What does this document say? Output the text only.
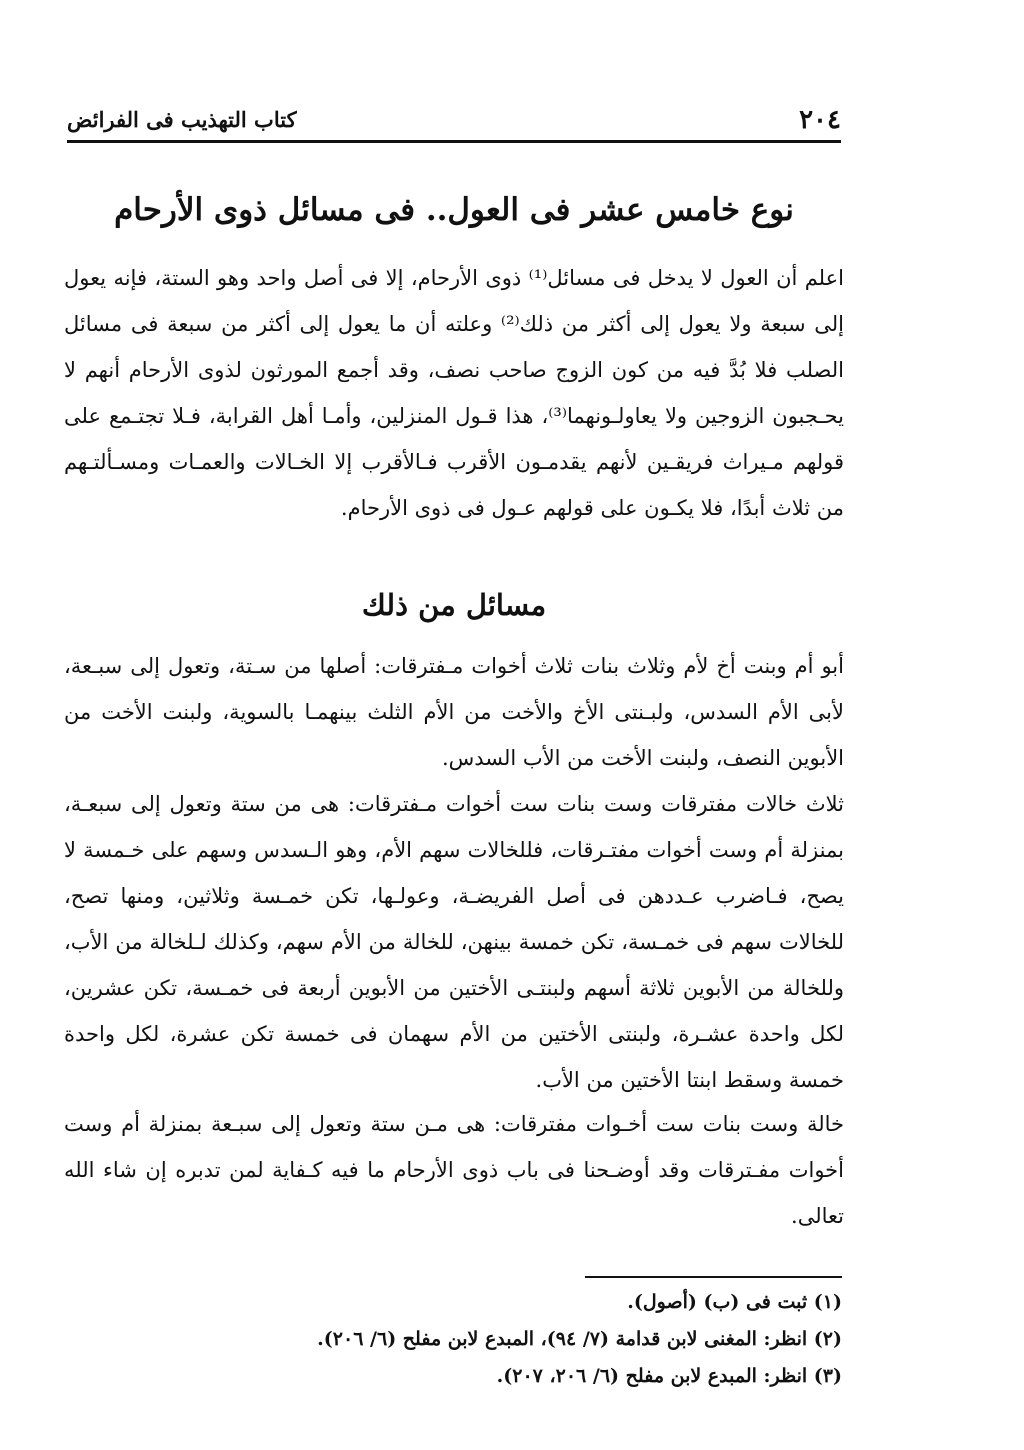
٢٠٤
كتاب التهذيب فى الفرائض
نوع خامس عشر فى العول.. فى مسائل ذوى الأرحام

اعلم أن العول لا يدخل فى مسائل⁽¹⁾ ذوى الأرحام، إلا فى أصل واحد وهو الستة، فإنه يعول إلى سبعة ولا يعول إلى أكثر من ذلك⁽²⁾ وعلته أن ما يعول إلى أكثر من سبعة فى مسائل الصلب فلا بُدَّ فيه من كون الزوج صاحب نصف، وقد أجمع المورثون لذوى الأرحام أنهم لا يحـجبون الزوجين ولا يعاولـونهما⁽³⁾، هذا قـول المنزلين، وأمـا أهل القرابة، فـلا تجتـمع على قولهم مـيراث فريقـين لأنهم يقدمـون الأقرب فـالأقرب إلا الخـالات والعمـات ومسـألتـهم من ثلاث أبدًا، فلا يكـون على قولهم عـول فى ذوى الأرحام.

مسائل من ذلك

أبو أم وبنت أخ لأم وثلاث بنات ثلاث أخوات مـفترقات: أصلها من سـتة، وتعول إلى سبـعة، لأبى الأم السدس، ولبـنتى الأخ والأخت من الأم الثلث بينهمـا بالسوية، ولبنت الأخت من الأبوين النصف، ولبنت الأخت من الأب السدس.

ثلاث خالات مفترقات وست بنات ست أخوات مـفترقات: هى من ستة وتعول إلى سبعـة، بمنزلة أم وست أخوات مفتـرقات، فللخالات سهم الأم، وهو الـسدس وسهم على خـمسة لا يصح، فـاضرب عـددهن فى أصل الفريضـة، وعولـها، تكن خمـسة وثلاثين، ومنها تصح، للخالات سهم فى خمـسة، تكن خمسة بينهن، للخالة من الأم سهم، وكذلك لـلخالة من الأب، وللخالة من الأبوين ثلاثة أسهم ولبنتـى الأختين من الأبوين أربعة فى خمـسة، تكن عشرين، لكل واحدة عشـرة، ولبنتى الأختين من الأم سهمان فى خمسة تكن عشرة، لكل واحدة خمسة وسقط ابنتا الأختين من الأب.

خالة وست بنات ست أخـوات مفترقات: هى مـن ستة وتعول إلى سبـعة بمنزلة أم وست أخوات مفـترقات وقد أوضـحنا فى باب ذوى الأرحام ما فيه كـفاية لمن تدبره إن شاء الله تعالى.

(١) ثبت فى (ب) (أصول).
(٢) انظر: المغنى لابن قدامة (٧/ ٩٤)، المبدع لابن مفلح (٦/ ٢٠٦).
(٣) انظر: المبدع لابن مفلح (٦/ ٢٠٦، ٢٠٧).
